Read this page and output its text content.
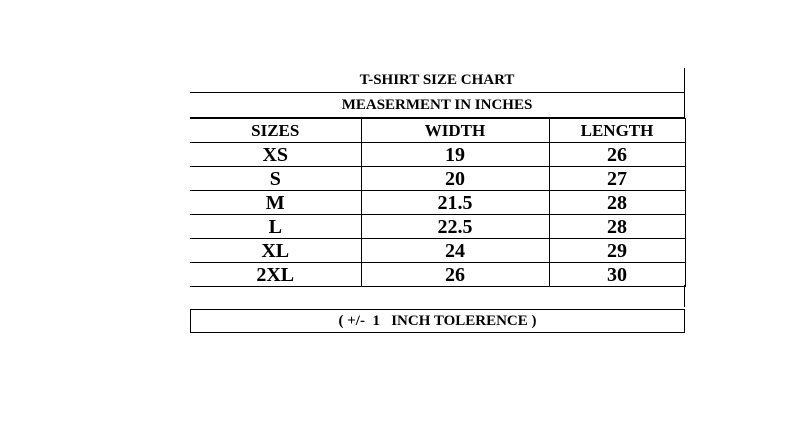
T-SHIRT SIZE CHART
MEASERMENT IN INCHES
SIZES	WIDTH	LENGTH
XS	19	26
S	20	27
M	21.5	28
L	22.5	28
XL	24	29
2XL	26	30
( +/-  1   INCH TOLERENCE )
